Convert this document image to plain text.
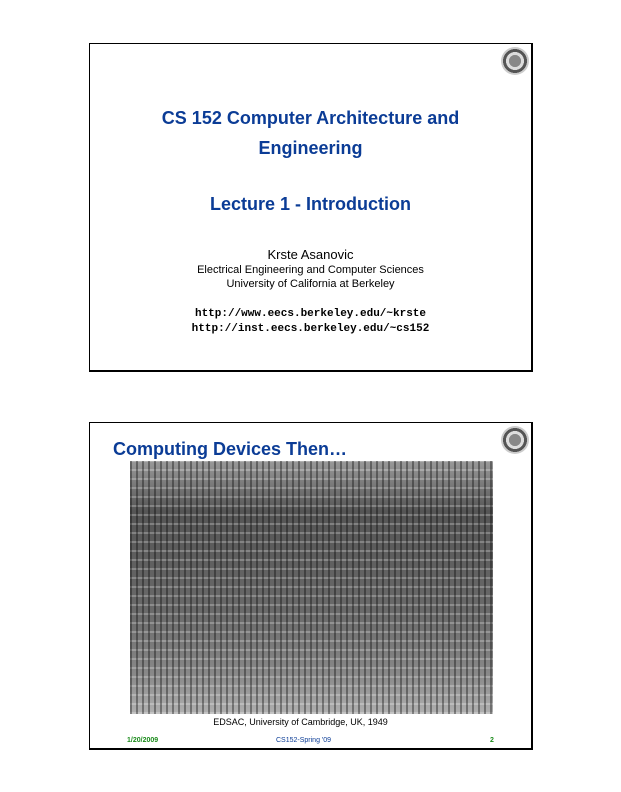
CS 152 Computer Architecture and
Engineering
Lecture 1 - Introduction
Krste Asanovic
Electrical Engineering and Computer Sciences
University of California at Berkeley
http://www.eecs.berkeley.edu/~krste
http://inst.eecs.berkeley.edu/~cs152
Computing Devices Then…
EDSAC, University of Cambridge, UK, 1949
1/20/2009	CS152-Spring '09	2
